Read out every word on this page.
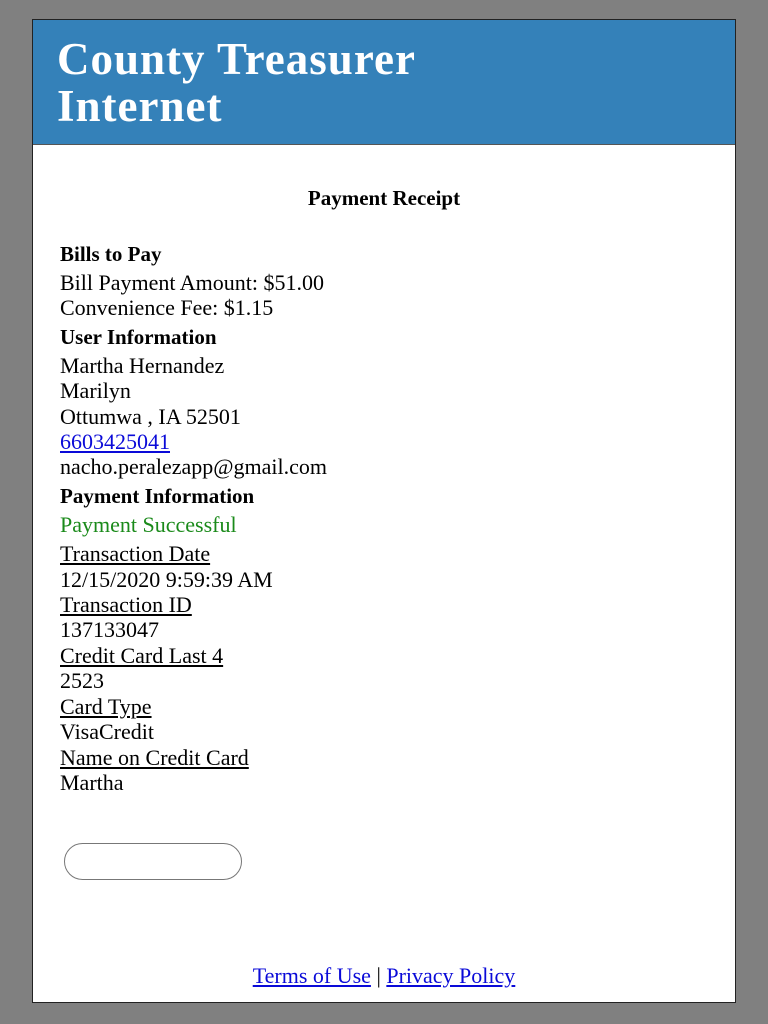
County Treasurer
Internet
Payment Receipt
Bills to Pay
Bill Payment Amount: $51.00
Convenience Fee: $1.15
User Information
Martha Hernandez
Marilyn
Ottumwa , IA 52501
6603425041
nacho.peralezapp@gmail.com
Payment Information
Payment Successful
Transaction Date
12/15/2020 9:59:39 AM
Transaction ID
137133047
Credit Card Last 4
2523
Card Type
VisaCredit
Name on Credit Card
Martha
Terms of Use | Privacy Policy
